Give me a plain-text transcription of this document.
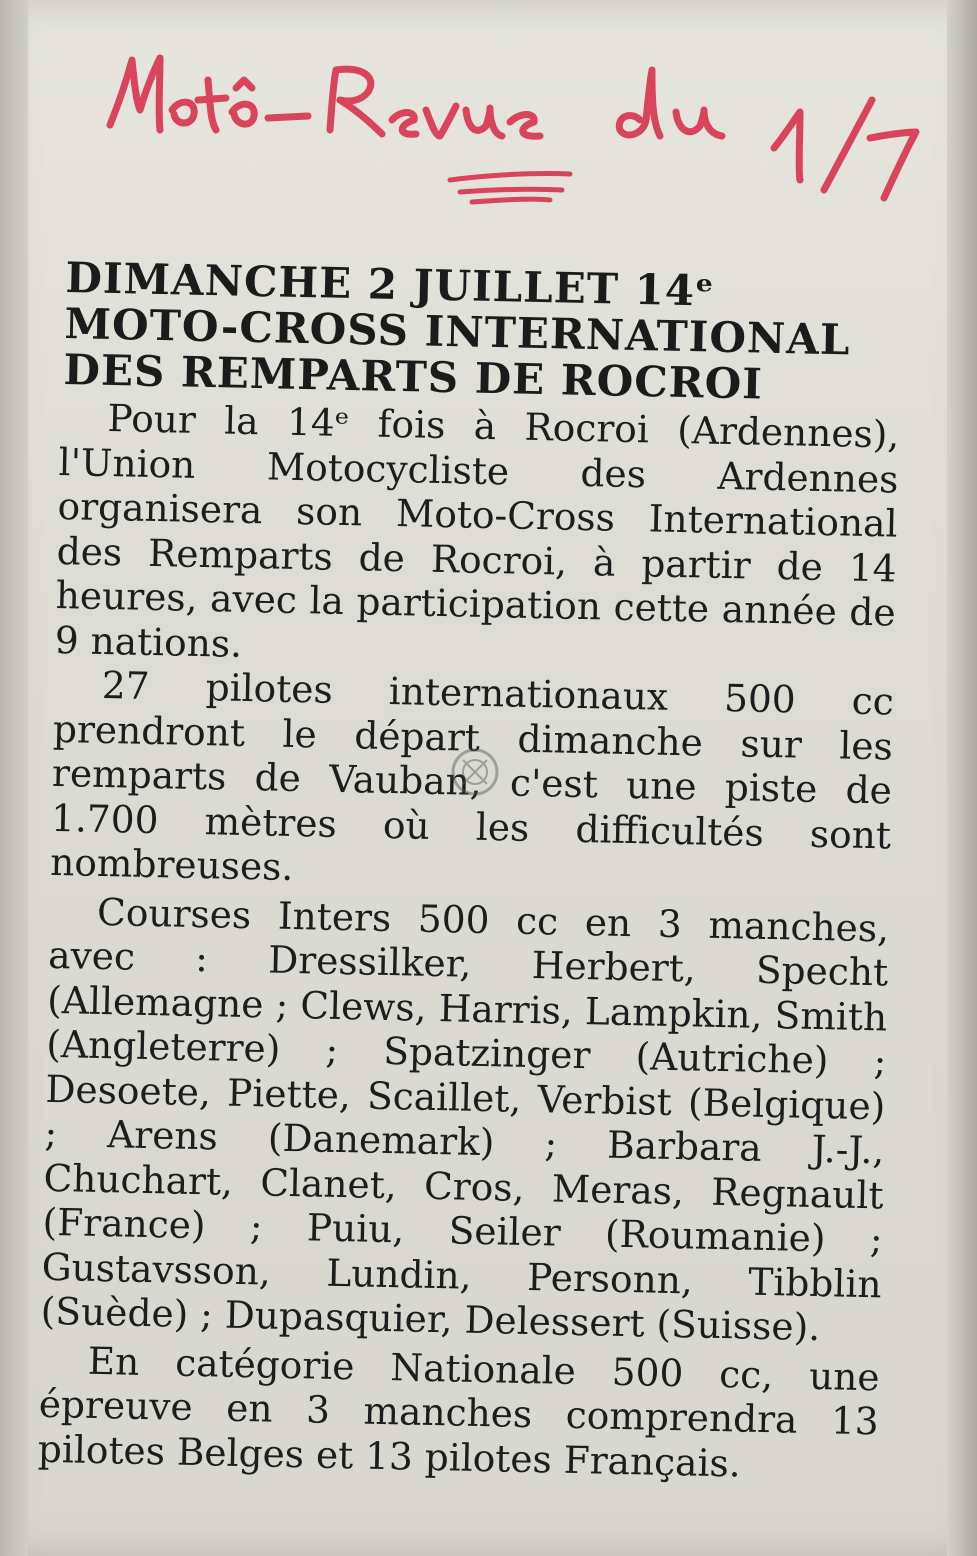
DIMANCHE 2 JUILLET 14ᵉ MOTO-CROSS INTERNATIONAL DES REMPARTS DE ROCROI

Pour la 14ᵉ fois à Rocroi (Ardennes), l'Union Motocycliste des Ardennes organisera son Moto-Cross International des Remparts de Rocroi, à partir de 14 heures, avec la participation cette année de 9 nations.

27 pilotes internationaux 500 cc prendront le départ dimanche sur les remparts de Vauban, c'est une piste de 1.700 mètres où les difficultés sont nombreuses.

Courses Inters 500 cc en 3 manches, avec : Dressilker, Herbert, Specht (Allemagne ; Clews, Harris, Lampkin, Smith (Angleterre) ; Spatzinger (Autriche) ; Desoete, Piette, Scaillet, Verbist (Belgique) ; Arens (Danemark) ; Barbara J.-J., Chuchart, Clanet, Cros, Meras, Regnault (France) ; Puiu, Seiler (Roumanie) ; Gustavsson, Lundin, Personn, Tibblin (Suède) ; Dupasquier, Delessert (Suisse).

En catégorie Nationale 500 cc, une épreuve en 3 manches comprendra 13 pilotes Belges et 13 pilotes Français.
